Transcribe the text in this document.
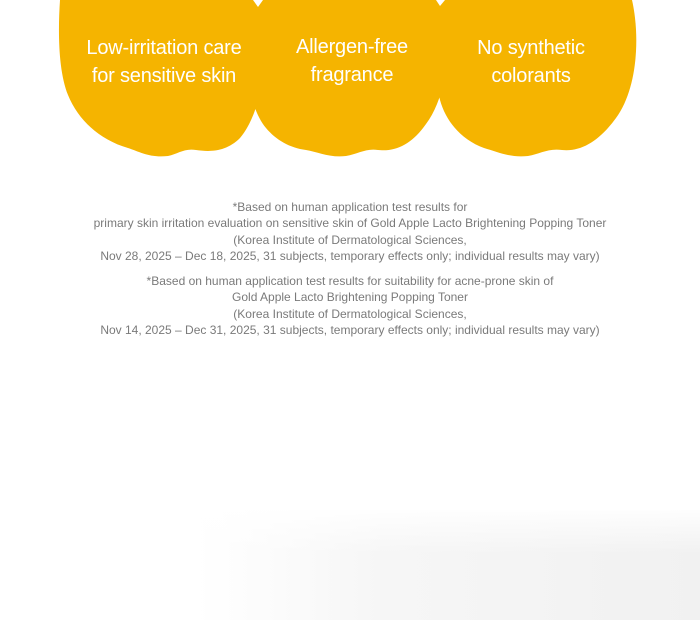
Low-irritation care
for sensitive skin
Allergen-free
fragrance
No synthetic
colorants
*Based on human application test results for
primary skin irritation evaluation on sensitive skin of Gold Apple Lacto Brightening Popping Toner
(Korea Institute of Dermatological Sciences,
Nov 28, 2025 – Dec 18, 2025, 31 subjects, temporary effects only; individual results may vary)
*Based on human application test results for suitability for acne-prone skin of
Gold Apple Lacto Brightening Popping Toner
(Korea Institute of Dermatological Sciences,
Nov 14, 2025 – Dec 31, 2025, 31 subjects, temporary effects only; individual results may vary)
